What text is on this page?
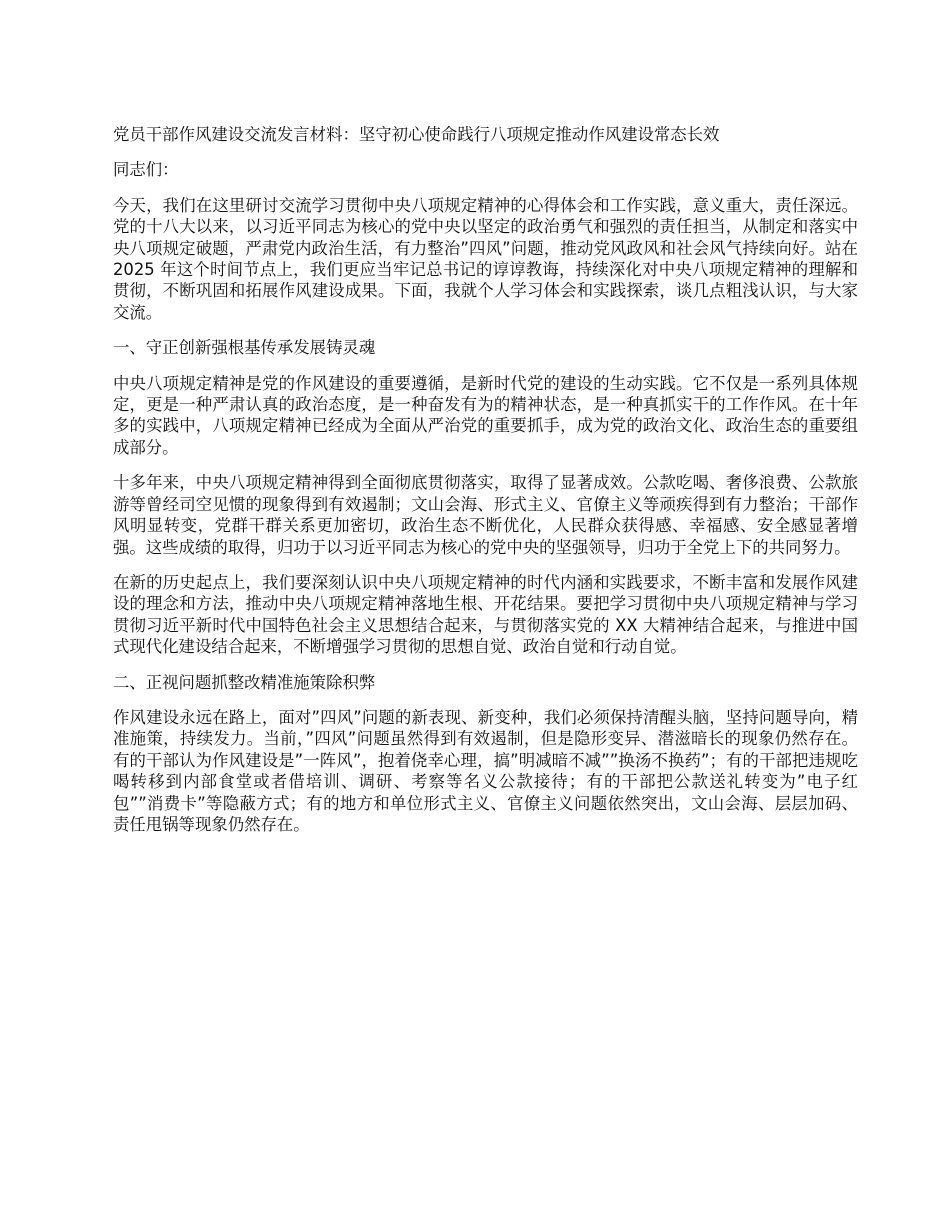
党员干部作风建设交流发言材料：坚守初心使命践行八项规定推动作风建设常态长效
同志们：
今天，我们在这里研讨交流学习贯彻中央八项规定精神的心得体会和工作实践，意义重大，责任深远。党的十八大以来，以习近平同志为核心的党中央以坚定的政治勇气和强烈的责任担当，从制定和落实中央八项规定破题，严肃党内政治生活，有力整治”四风”问题，推动党风政风和社会风气持续向好。站在 2025 年这个时间节点上，我们更应当牢记总书记的谆谆教诲，持续深化对中央八项规定精神的理解和贯彻，不断巩固和拓展作风建设成果。下面，我就个人学习体会和实践探索，谈几点粗浅认识，与大家交流。
一、守正创新强根基传承发展铸灵魂
中央八项规定精神是党的作风建设的重要遵循，是新时代党的建设的生动实践。它不仅是一系列具体规定，更是一种严肃认真的政治态度，是一种奋发有为的精神状态，是一种真抓实干的工作作风。在十年多的实践中，八项规定精神已经成为全面从严治党的重要抓手，成为党的政治文化、政治生态的重要组成部分。
十多年来，中央八项规定精神得到全面彻底贯彻落实，取得了显著成效。公款吃喝、奢侈浪费、公款旅游等曾经司空见惯的现象得到有效遏制；文山会海、形式主义、官僚主义等顽疾得到有力整治；干部作风明显转变，党群干群关系更加密切，政治生态不断优化，人民群众获得感、幸福感、安全感显著增强。这些成绩的取得，归功于以习近平同志为核心的党中央的坚强领导，归功于全党上下的共同努力。
在新的历史起点上，我们要深刻认识中央八项规定精神的时代内涵和实践要求，不断丰富和发展作风建设的理念和方法，推动中央八项规定精神落地生根、开花结果。要把学习贯彻中央八项规定精神与学习贯彻习近平新时代中国特色社会主义思想结合起来，与贯彻落实党的 XX 大精神结合起来，与推进中国式现代化建设结合起来，不断增强学习贯彻的思想自觉、政治自觉和行动自觉。
二、正视问题抓整改精准施策除积弊
作风建设永远在路上，面对”四风”问题的新表现、新变种，我们必须保持清醒头脑，坚持问题导向，精准施策，持续发力。当前，”四风”问题虽然得到有效遏制，但是隐形变异、潜滋暗长的现象仍然存在。有的干部认为作风建设是”一阵风”，抱着侥幸心理，搞”明减暗不减””换汤不换药”；有的干部把违规吃喝转移到内部食堂或者借培训、调研、考察等名义公款接待；有的干部把公款送礼转变为”电子红包””消费卡”等隐蔽方式；有的地方和单位形式主义、官僚主义问题依然突出，文山会海、层层加码、责任甩锅等现象仍然存在。
